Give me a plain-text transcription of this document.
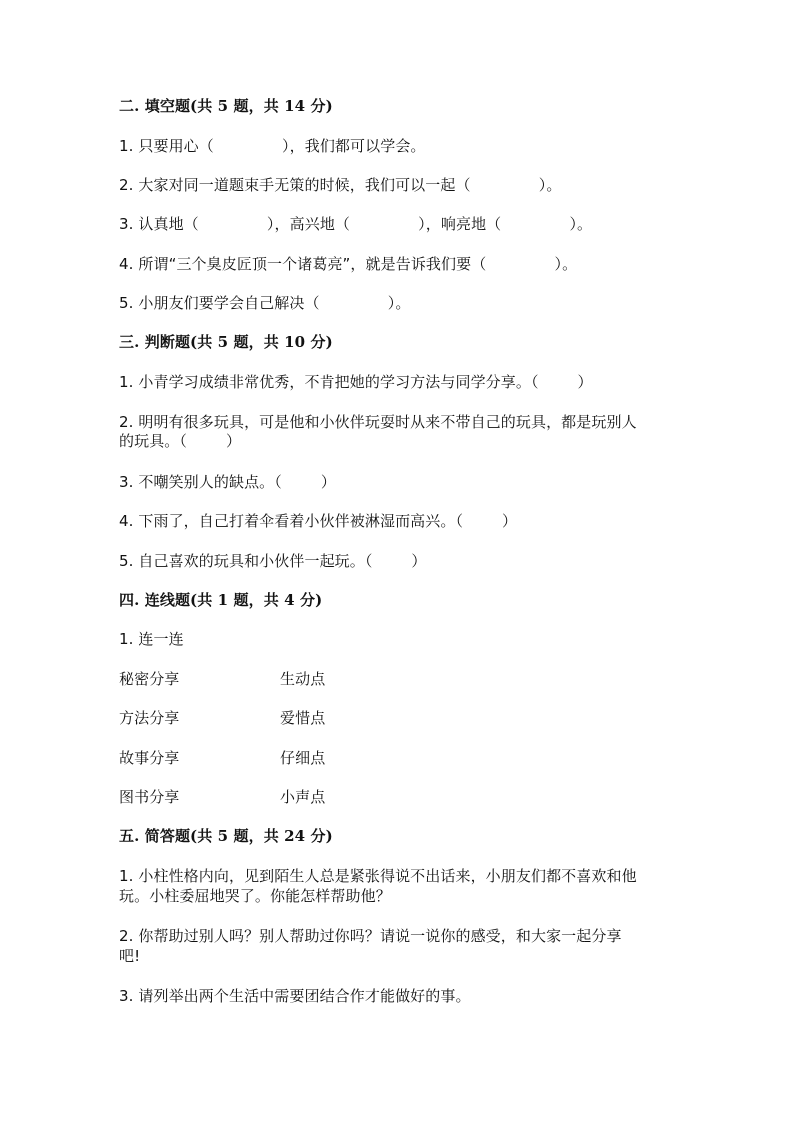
二. 填空题(共 5 题，共 14 分)
1. 只要用心（              ），我们都可以学会。
2. 大家对同一道题束手无策的时候，我们可以一起（              ）。
3. 认真地（              ），高兴地（              ），响亮地（              ）。
4. 所谓“三个臭皮匠顶一个诸葛亮”，就是告诉我们要（              ）。
5. 小朋友们要学会自己解决（              ）。
三. 判断题(共 5 题，共 10 分)
1. 小青学习成绩非常优秀，不肯把她的学习方法与同学分享。（        ）
2. 明明有很多玩具，可是他和小伙伴玩耍时从来不带自己的玩具，都是玩别人
的玩具。（        ）
3. 不嘲笑别人的缺点。（        ）
4. 下雨了，自己打着伞看着小伙伴被淋湿而高兴。（        ）
5. 自己喜欢的玩具和小伙伴一起玩。（        ）
四. 连线题(共 1 题，共 4 分)
1. 连一连
秘密分享	生动点
方法分享	爱惜点
故事分享	仔细点
图书分享	小声点
五. 简答题(共 5 题，共 24 分)
1. 小柱性格内向，见到陌生人总是紧张得说不出话来，小朋友们都不喜欢和他
玩。小柱委屈地哭了。你能怎样帮助他？
2. 你帮助过别人吗？别人帮助过你吗？请说一说你的感受，和大家一起分享
吧!
3. 请列举出两个生活中需要团结合作才能做好的事。
